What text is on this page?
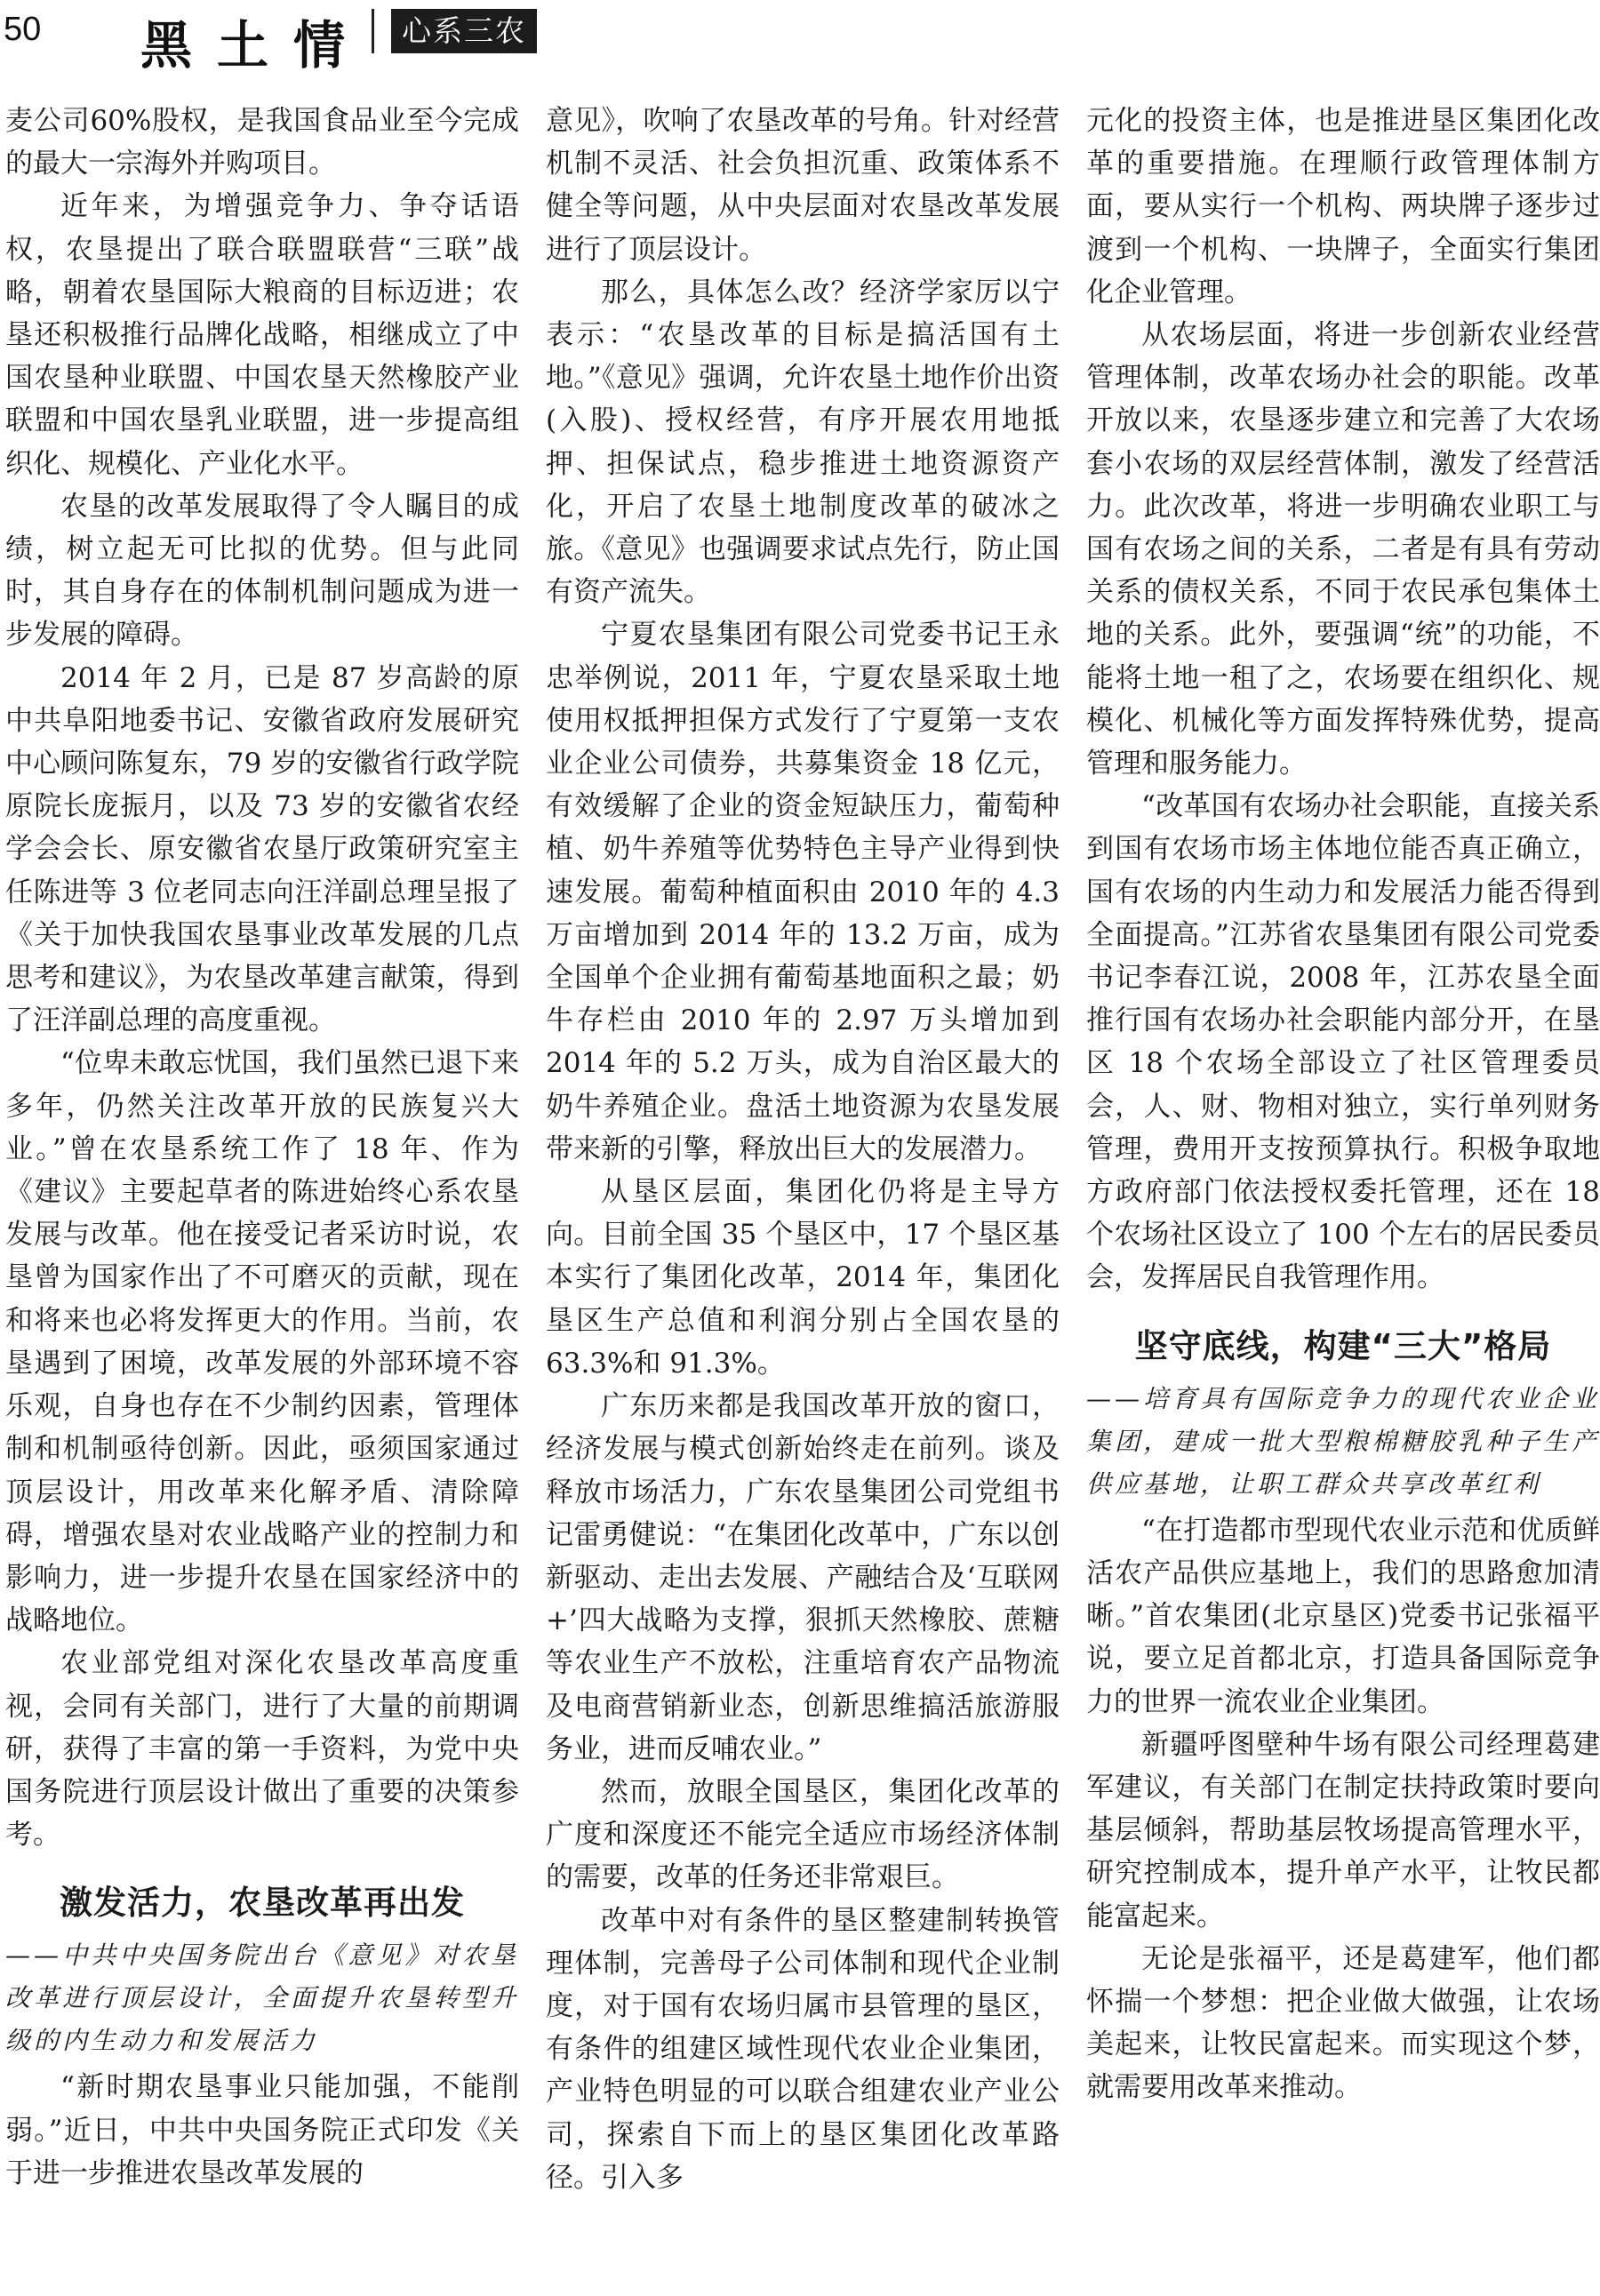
50 黑土情	心系三农

麦公司60%股权，是我国食品业至今完成的最大一宗海外并购项目。

近年来，为增强竞争力、争夺话语权，农垦提出了联合联盟联营“三联”战略，朝着农垦国际大粮商的目标迈进；农垦还积极推行品牌化战略，相继成立了中国农垦种业联盟、中国农垦天然橡胶产业联盟和中国农垦乳业联盟，进一步提高组织化、规模化、产业化水平。

农垦的改革发展取得了令人瞩目的成绩，树立起无可比拟的优势。但与此同时，其自身存在的体制机制问题成为进一步发展的障碍。

2014 年 2 月，已是 87 岁高龄的原中共阜阳地委书记、安徽省政府发展研究中心顾问陈复东，79 岁的安徽省行政学院原院长庞振月，以及 73 岁的安徽省农经学会会长、原安徽省农垦厅政策研究室主任陈进等 3 位老同志向汪洋副总理呈报了《关于加快我国农垦事业改革发展的几点思考和建议》，为农垦改革建言献策，得到了汪洋副总理的高度重视。

“位卑未敢忘忧国，我们虽然已退下来多年，仍然关注改革开放的民族复兴大业。”曾在农垦系统工作了 18 年、作为《建议》主要起草者的陈进始终心系农垦发展与改革。他在接受记者采访时说，农垦曾为国家作出了不可磨灭的贡献，现在和将来也必将发挥更大的作用。当前，农垦遇到了困境，改革发展的外部环境不容乐观，自身也存在不少制约因素，管理体制和机制亟待创新。因此，亟须国家通过顶层设计，用改革来化解矛盾、清除障碍，增强农垦对农业战略产业的控制力和影响力，进一步提升农垦在国家经济中的战略地位。

农业部党组对深化农垦改革高度重视，会同有关部门，进行了大量的前期调研，获得了丰富的第一手资料，为党中央国务院进行顶层设计做出了重要的决策参考。

激发活力，农垦改革再出发

——中共中央国务院出台《意见》对农垦改革进行顶层设计，全面提升农垦转型升级的内生动力和发展活力

“新时期农垦事业只能加强，不能削弱。”近日，中共中央国务院正式印发《关于进一步推进农垦改革发展的

意见》，吹响了农垦改革的号角。针对经营机制不灵活、社会负担沉重、政策体系不健全等问题，从中央层面对农垦改革发展进行了顶层设计。

那么，具体怎么改？经济学家厉以宁表示：“农垦改革的目标是搞活国有土地。”《意见》强调，允许农垦土地作价出资(入股)、授权经营，有序开展农用地抵押、担保试点，稳步推进土地资源资产化，开启了农垦土地制度改革的破冰之旅。《意见》也强调要求试点先行，防止国有资产流失。

宁夏农垦集团有限公司党委书记王永忠举例说，2011 年，宁夏农垦采取土地使用权抵押担保方式发行了宁夏第一支农业企业公司债券，共募集资金 18 亿元，有效缓解了企业的资金短缺压力，葡萄种植、奶牛养殖等优势特色主导产业得到快速发展。葡萄种植面积由 2010 年的 4.3 万亩增加到 2014 年的 13.2 万亩，成为全国单个企业拥有葡萄基地面积之最；奶牛存栏由 2010 年的 2.97 万头增加到 2014 年的 5.2 万头，成为自治区最大的奶牛养殖企业。盘活土地资源为农垦发展带来新的引擎，释放出巨大的发展潜力。

从垦区层面，集团化仍将是主导方向。目前全国 35 个垦区中，17 个垦区基本实行了集团化改革，2014 年，集团化垦区生产总值和利润分别占全国农垦的 63.3%和 91.3%。

广东历来都是我国改革开放的窗口，经济发展与模式创新始终走在前列。谈及释放市场活力，广东农垦集团公司党组书记雷勇健说：“在集团化改革中，广东以创新驱动、走出去发展、产融结合及‘互联网+’四大战略为支撑，狠抓天然橡胶、蔗糖等农业生产不放松，注重培育农产品物流及电商营销新业态，创新思维搞活旅游服务业，进而反哺农业。”

然而，放眼全国垦区，集团化改革的广度和深度还不能完全适应市场经济体制的需要，改革的任务还非常艰巨。

改革中对有条件的垦区整建制转换管理体制，完善母子公司体制和现代企业制度，对于国有农场归属市县管理的垦区，有条件的组建区域性现代农业企业集团，产业特色明显的可以联合组建农业产业公司，探索自下而上的垦区集团化改革路径。引入多

元化的投资主体，也是推进垦区集团化改革的重要措施。在理顺行政管理体制方面，要从实行一个机构、两块牌子逐步过渡到一个机构、一块牌子，全面实行集团化企业管理。

从农场层面，将进一步创新农业经营管理体制，改革农场办社会的职能。改革开放以来，农垦逐步建立和完善了大农场套小农场的双层经营体制，激发了经营活力。此次改革，将进一步明确农业职工与国有农场之间的关系，二者是有具有劳动关系的债权关系，不同于农民承包集体土地的关系。此外，要强调“统”的功能，不能将土地一租了之，农场要在组织化、规模化、机械化等方面发挥特殊优势，提高管理和服务能力。

“改革国有农场办社会职能，直接关系到国有农场市场主体地位能否真正确立，国有农场的内生动力和发展活力能否得到全面提高。”江苏省农垦集团有限公司党委书记李春江说，2008 年，江苏农垦全面推行国有农场办社会职能内部分开，在垦区 18 个农场全部设立了社区管理委员会，人、财、物相对独立，实行单列财务管理，费用开支按预算执行。积极争取地方政府部门依法授权委托管理，还在 18 个农场社区设立了 100 个左右的居民委员会，发挥居民自我管理作用。

坚守底线，构建“三大”格局

——培育具有国际竞争力的现代农业企业集团，建成一批大型粮棉糖胶乳种子生产供应基地，让职工群众共享改革红利

“在打造都市型现代农业示范和优质鲜活农产品供应基地上，我们的思路愈加清晰。”首农集团(北京垦区)党委书记张福平说，要立足首都北京，打造具备国际竞争力的世界一流农业企业集团。

新疆呼图壁种牛场有限公司经理葛建军建议，有关部门在制定扶持政策时要向基层倾斜，帮助基层牧场提高管理水平，研究控制成本，提升单产水平，让牧民都能富起来。

无论是张福平，还是葛建军，他们都怀揣一个梦想：把企业做大做强，让农场美起来，让牧民富起来。而实现这个梦，就需要用改革来推动。
